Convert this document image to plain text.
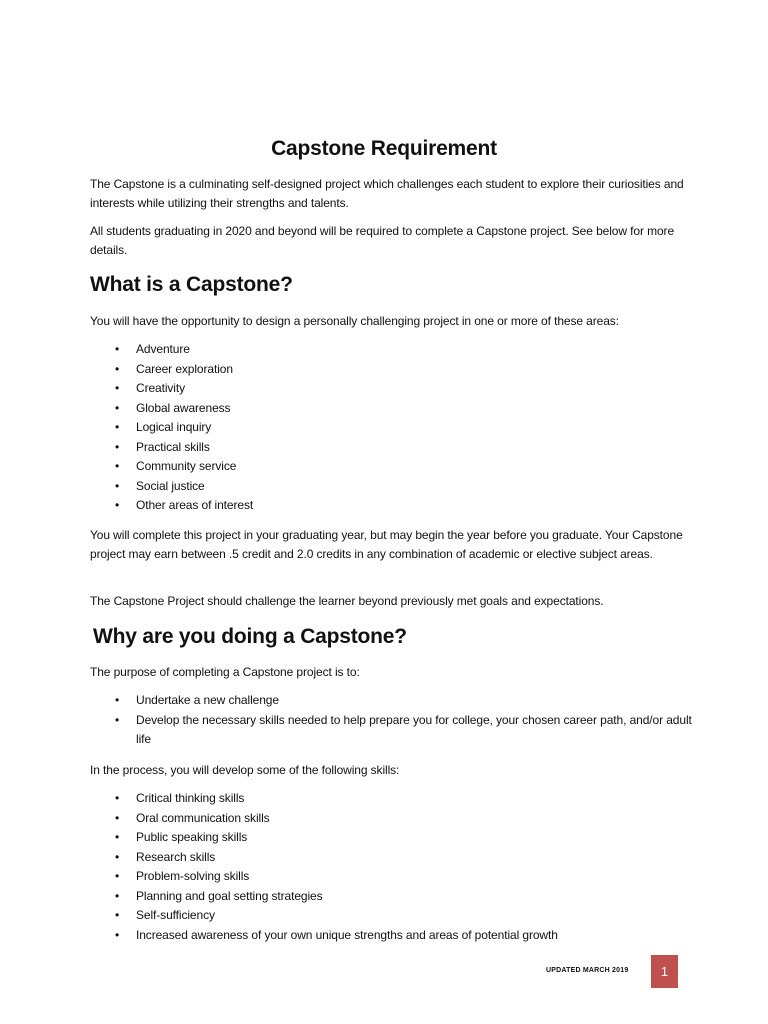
Capstone Requirement

The Capstone is a culminating self-designed project which challenges each student to explore their curiosities and interests while utilizing their strengths and talents.

All students graduating in 2020 and beyond will be required to complete a Capstone project. See below for more details.

What is a Capstone?

You will have the opportunity to design a personally challenging project in one or more of these areas:

• Adventure
• Career exploration
• Creativity
• Global awareness
• Logical inquiry
• Practical skills
• Community service
• Social justice
• Other areas of interest

You will complete this project in your graduating year, but may begin the year before you graduate. Your Capstone project may earn between .5 credit and 2.0 credits in any combination of academic or elective subject areas.

The Capstone Project should challenge the learner beyond previously met goals and expectations.

Why are you doing a Capstone?

The purpose of completing a Capstone project is to:

• Undertake a new challenge
• Develop the necessary skills needed to help prepare you for college, your chosen career path, and/or adult life

In the process, you will develop some of the following skills:

• Critical thinking skills
• Oral communication skills
• Public speaking skills
• Research skills
• Problem-solving skills
• Planning and goal setting strategies
• Self-sufficiency
• Increased awareness of your own unique strengths and areas of potential growth
UPDATED MARCH 2019	1
